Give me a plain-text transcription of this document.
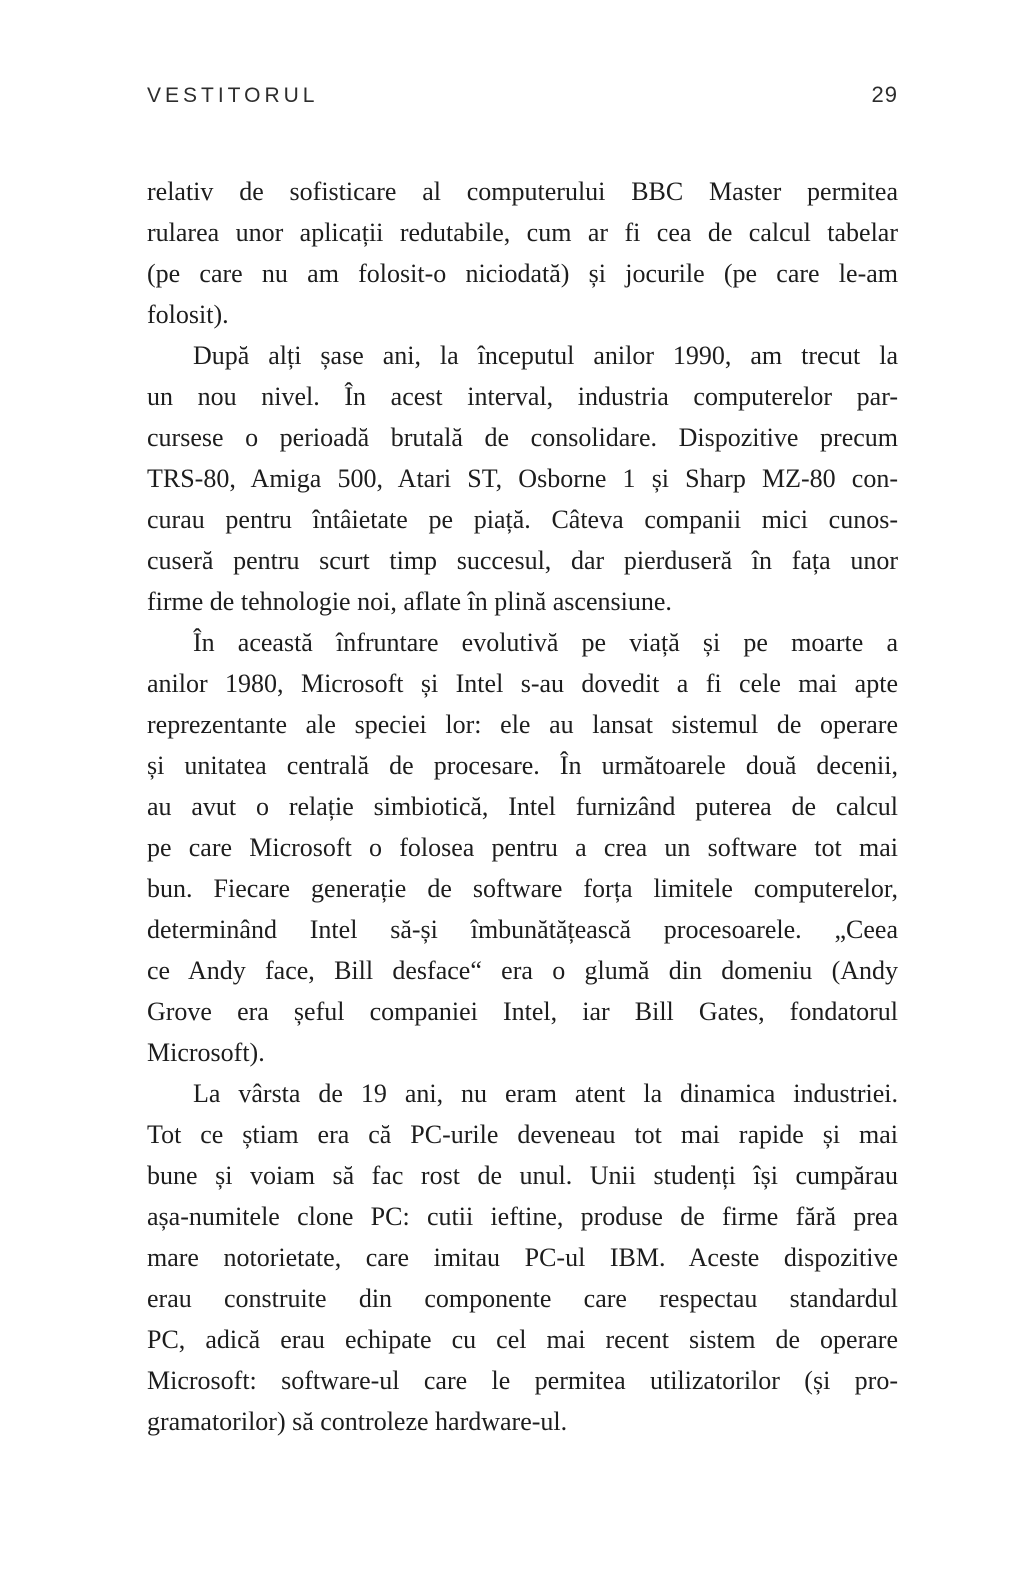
VESTITORUL	29
relativ de sofisticare al computerului BBC Master permitea
rularea unor aplicații redutabile, cum ar fi cea de calcul tabelar
(pe care nu am folosit-o niciodată) și jocurile (pe care le-am
folosit).
După alți șase ani, la începutul anilor 1990, am trecut la
un nou nivel. În acest interval, industria computerelor par-
cursese o perioadă brutală de consolidare. Dispozitive precum
TRS-80, Amiga 500, Atari ST, Osborne 1 și Sharp MZ-80 con-
curau pentru întâietate pe piață. Câteva companii mici cunos-
cuseră pentru scurt timp succesul, dar pierduseră în fața unor
firme de tehnologie noi, aflate în plină ascensiune.
În această înfruntare evolutivă pe viață și pe moarte a
anilor 1980, Microsoft și Intel s-au dovedit a fi cele mai apte
reprezentante ale speciei lor: ele au lansat sistemul de operare
și unitatea centrală de procesare. În următoarele două decenii,
au avut o relație simbiotică, Intel furnizând puterea de calcul
pe care Microsoft o folosea pentru a crea un software tot mai
bun. Fiecare generație de software forța limitele computerelor,
determinând Intel să-și îmbunătățească procesoarele. „Ceea
ce Andy face, Bill desface“ era o glumă din domeniu (Andy
Grove era șeful companiei Intel, iar Bill Gates, fondatorul
Microsoft).
La vârsta de 19 ani, nu eram atent la dinamica industriei.
Tot ce știam era că PC-urile deveneau tot mai rapide și mai
bune și voiam să fac rost de unul. Unii studenți își cumpărau
așa-numitele clone PC: cutii ieftine, produse de firme fără prea
mare notorietate, care imitau PC-ul IBM. Aceste dispozitive
erau construite din componente care respectau standardul
PC, adică erau echipate cu cel mai recent sistem de operare
Microsoft: software-ul care le permitea utilizatorilor (și pro-
gramatorilor) să controleze hardware-ul.
